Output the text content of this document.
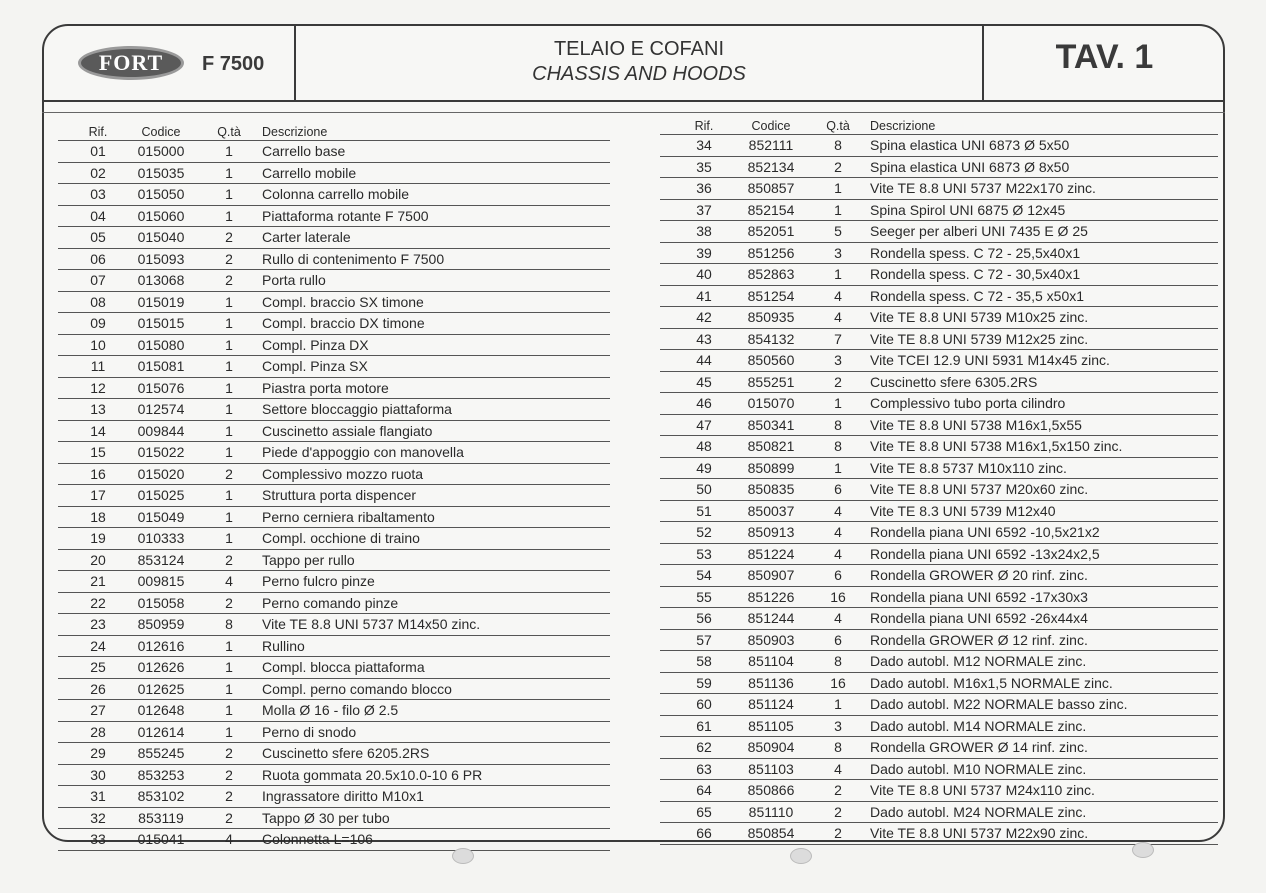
FORT F 7500
TELAIO E COFANI
CHASSIS AND HOODS	TAV. 1
Rif.	Codice	Q.tà Descrizione
01	015000	1	Carrello base
02	015035	1	Carrello mobile
03	015050	1	Colonna carrello mobile
04	015060	1	Piattaforma rotante F 7500
05	015040	2	Carter laterale
06	015093	2	Rullo di contenimento F 7500
07	013068	2	Porta rullo
08	015019	1	Compl. braccio SX timone
09	015015	1	Compl. braccio DX timone
10	015080	1	Compl. Pinza DX
11	015081	1	Compl. Pinza SX
12	015076	1	Piastra porta motore
13	012574	1	Settore bloccaggio piattaforma
14	009844	1	Cuscinetto assiale flangiato
15	015022	1	Piede d'appoggio con manovella
16	015020	2	Complessivo mozzo ruota
17	015025	1	Struttura porta dispencer
18	015049	1	Perno cerniera ribaltamento
19	010333	1	Compl. occhione di traino
20	853124	2	Tappo per rullo
21	009815	4	Perno fulcro pinze
22	015058	2	Perno comando pinze
23	850959	8	Vite TE 8.8 UNI 5737 M14x50 zinc.
24	012616	1	Rullino
25	012626	1	Compl. blocca piattaforma
26	012625	1	Compl. perno comando blocco
27	012648	1	Molla Ø 16 - filo Ø 2.5
28	012614	1	Perno di snodo
29	855245	2	Cuscinetto sfere 6205.2RS
30	853253	2	Ruota gommata 20.5x10.0-10 6 PR
31	853102	2	Ingrassatore diritto M10x1
32	853119	2	Tappo Ø 30 per tubo
33	015041	4	Colonnetta L=106
Rif.	Codice	Q.tà Descrizione
34	852111	8	Spina elastica UNI 6873 Ø 5x50
35	852134	2	Spina elastica UNI 6873 Ø 8x50
36	850857	1	Vite TE 8.8 UNI 5737 M22x170 zinc.
37	852154	1	Spina Spirol UNI 6875 Ø 12x45
38	852051	5	Seeger per alberi UNI 7435 E Ø 25
39	851256	3	Rondella spess. C 72 - 25,5x40x1
40	852863	1	Rondella spess. C 72 - 30,5x40x1
41	851254	4	Rondella spess. C 72 - 35,5 x50x1
42	850935	4	Vite TE 8.8 UNI 5739 M10x25 zinc.
43	854132	7	Vite TE 8.8 UNI 5739 M12x25 zinc.
44	850560	3	Vite TCEI 12.9 UNI 5931 M14x45 zinc.
45	855251	2	Cuscinetto sfere 6305.2RS
46	015070	1	Complessivo tubo porta cilindro
47	850341	8	Vite TE 8.8 UNI 5738 M16x1,5x55
48	850821	8	Vite TE 8.8 UNI 5738 M16x1,5x150 zinc.
49	850899	1	Vite TE 8.8 5737 M10x110 zinc.
50	850835	6	Vite TE 8.8 UNI 5737 M20x60 zinc.
51	850037	4	Vite TE 8.3 UNI 5739 M12x40
52	850913	4	Rondella piana UNI 6592 -10,5x21x2
53	851224	4	Rondella piana UNI 6592 -13x24x2,5
54	850907	6	Rondella GROWER Ø 20 rinf. zinc.
55	851226	16	Rondella piana UNI 6592 -17x30x3
56	851244	4	Rondella piana UNI 6592 -26x44x4
57	850903	6	Rondella GROWER Ø 12 rinf. zinc.
58	851104	8	Dado autobl. M12 NORMALE zinc.
59	851136	16	Dado autobl. M16x1,5 NORMALE zinc.
60	851124	1	Dado autobl. M22 NORMALE basso zinc.
61	851105	3	Dado autobl. M14 NORMALE zinc.
62	850904	8	Rondella GROWER Ø 14 rinf. zinc.
63	851103	4	Dado autobl. M10 NORMALE zinc.
64	850866	2	Vite TE 8.8 UNI 5737 M24x110 zinc.
65	851110	2	Dado autobl. M24 NORMALE zinc.
66	850854	2	Vite TE 8.8 UNI 5737 M22x90 zinc.
